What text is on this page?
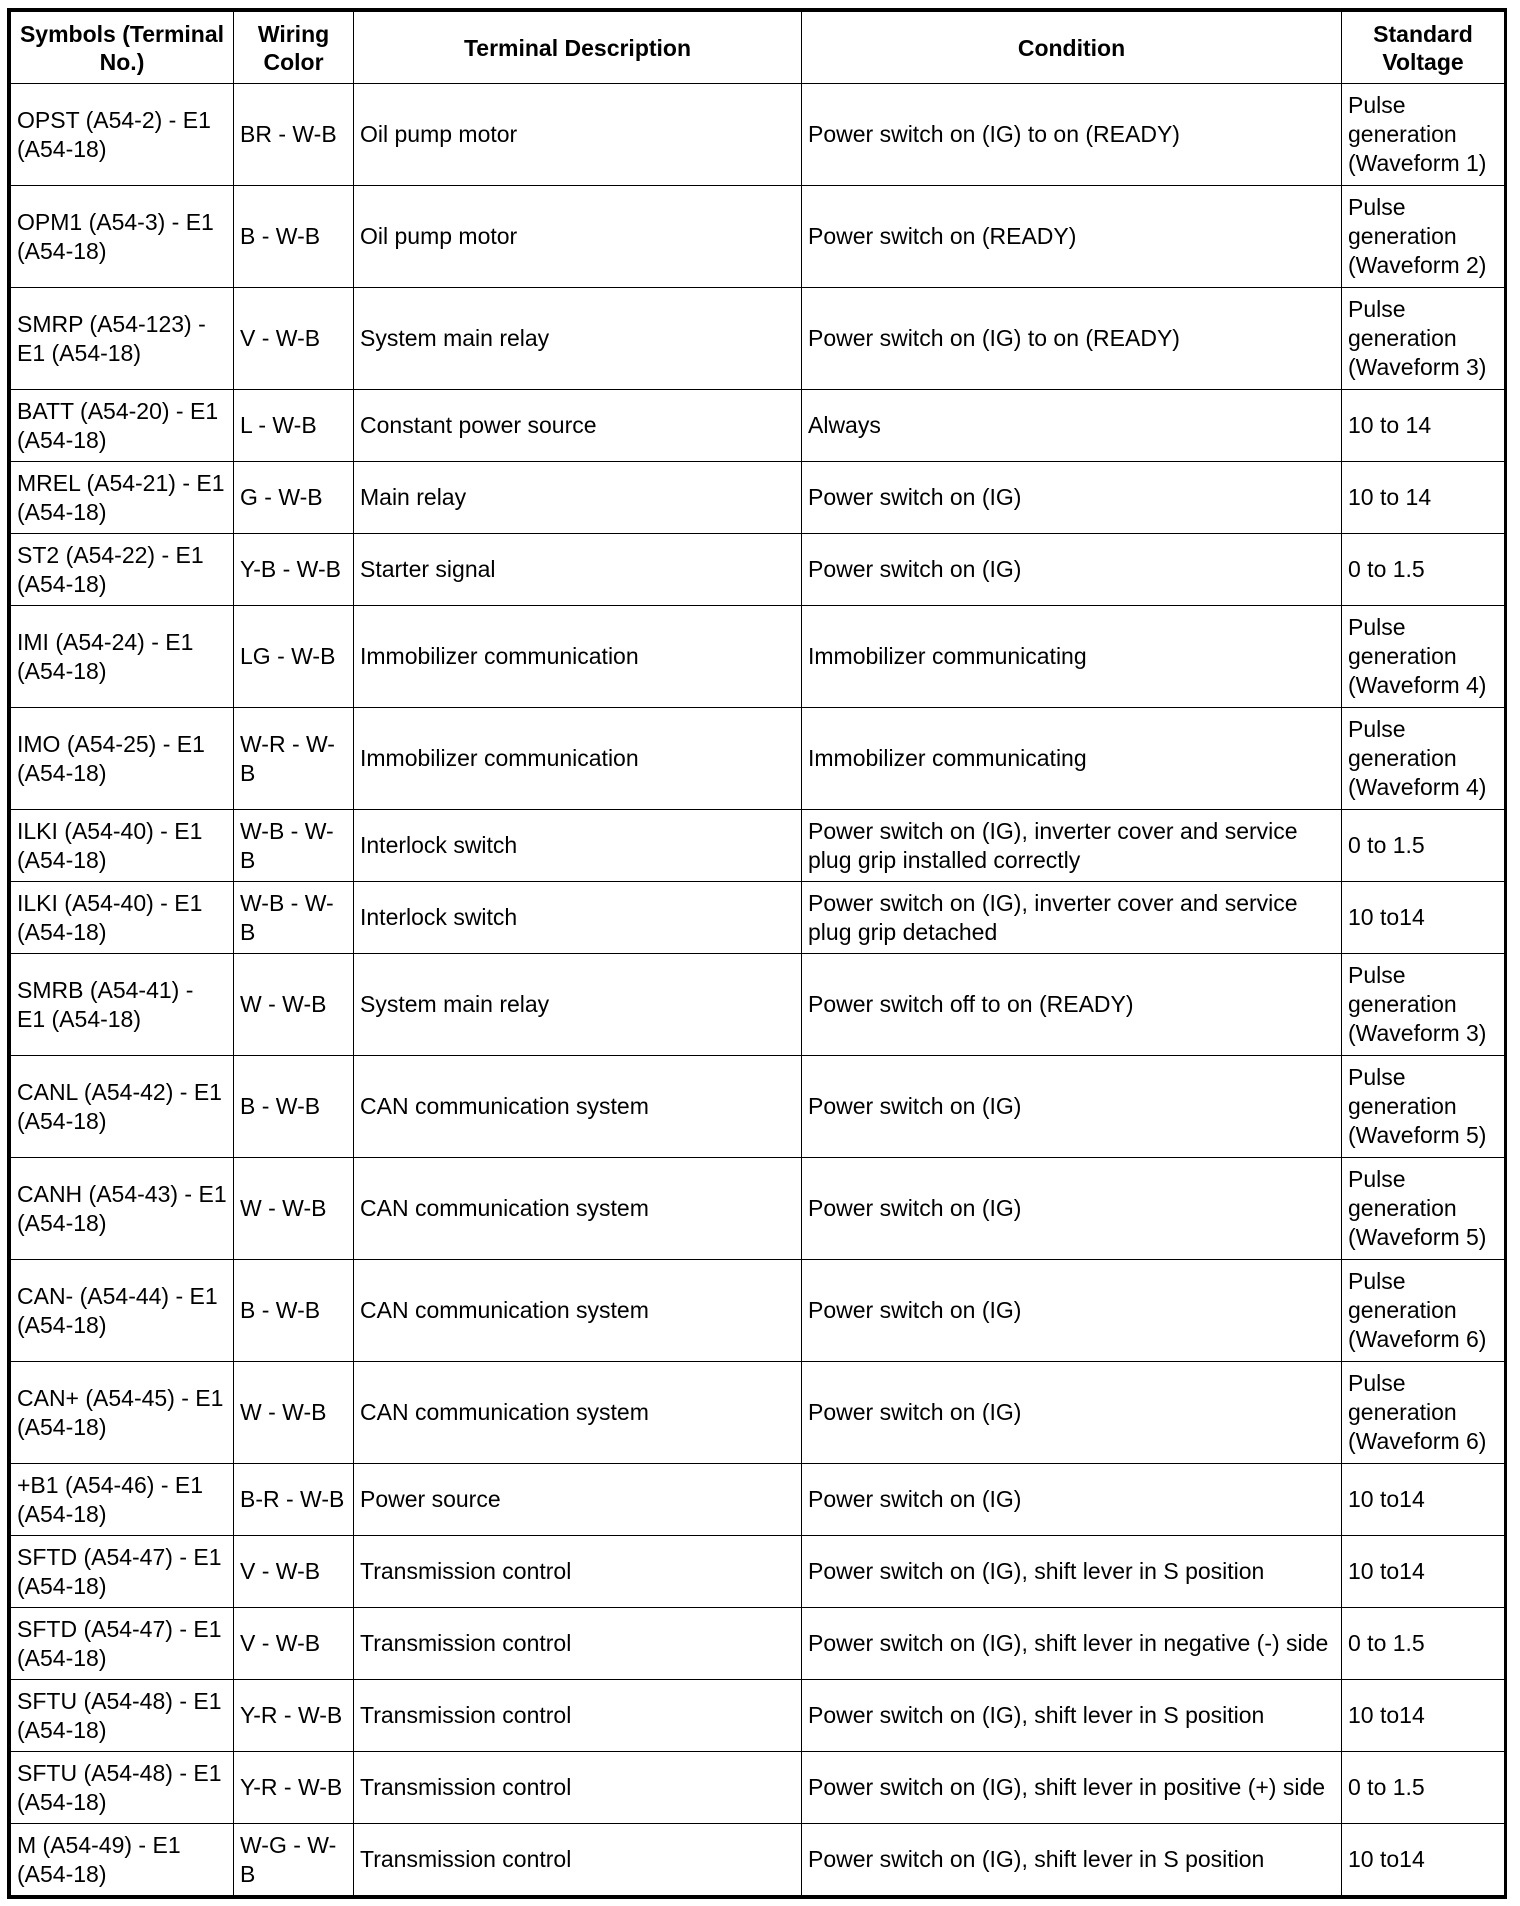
Symbols (Terminal No.)	Wiring Color	Terminal Description	Condition	Standard Voltage
OPST (A54-2) - E1 (A54-18)	BR - W-B	Oil pump motor	Power switch on (IG) to on (READY)	Pulse generation (Waveform 1)
OPM1 (A54-3) - E1 (A54-18)	B - W-B	Oil pump motor	Power switch on (READY)	Pulse generation (Waveform 2)
SMRP (A54-123) - E1 (A54-18)	V - W-B	System main relay	Power switch on (IG) to on (READY)	Pulse generation (Waveform 3)
BATT (A54-20) - E1 (A54-18)	L - W-B	Constant power source	Always	10 to 14
MREL (A54-21) - E1 (A54-18)	G - W-B	Main relay	Power switch on (IG)	10 to 14
ST2 (A54-22) - E1 (A54-18)	Y-B - W-B	Starter signal	Power switch on (IG)	0 to 1.5
IMI (A54-24) - E1 (A54-18)	LG - W-B	Immobilizer communication	Immobilizer communicating	Pulse generation (Waveform 4)
IMO (A54-25) - E1 (A54-18)	W-R - W-B	Immobilizer communication	Immobilizer communicating	Pulse generation (Waveform 4)
ILKI (A54-40) - E1 (A54-18)	W-B - W-B	Interlock switch	Power switch on (IG), inverter cover and service plug grip installed correctly	0 to 1.5
ILKI (A54-40) - E1 (A54-18)	W-B - W-B	Interlock switch	Power switch on (IG), inverter cover and service plug grip detached	10 to14
SMRB (A54-41) - E1 (A54-18)	W - W-B	System main relay	Power switch off to on (READY)	Pulse generation (Waveform 3)
CANL (A54-42) - E1 (A54-18)	B - W-B	CAN communication system	Power switch on (IG)	Pulse generation (Waveform 5)
CANH (A54-43) - E1 (A54-18)	W - W-B	CAN communication system	Power switch on (IG)	Pulse generation (Waveform 5)
CAN- (A54-44) - E1 (A54-18)	B - W-B	CAN communication system	Power switch on (IG)	Pulse generation (Waveform 6)
CAN+ (A54-45) - E1 (A54-18)	W - W-B	CAN communication system	Power switch on (IG)	Pulse generation (Waveform 6)
+B1 (A54-46) - E1 (A54-18)	B-R - W-B	Power source	Power switch on (IG)	10 to14
SFTD (A54-47) - E1 (A54-18)	V - W-B	Transmission control	Power switch on (IG), shift lever in S position	10 to14
SFTD (A54-47) - E1 (A54-18)	V - W-B	Transmission control	Power switch on (IG), shift lever in negative (-) side	0 to 1.5
SFTU (A54-48) - E1 (A54-18)	Y-R - W-B	Transmission control	Power switch on (IG), shift lever in S position	10 to14
SFTU (A54-48) - E1 (A54-18)	Y-R - W-B	Transmission control	Power switch on (IG), shift lever in positive (+) side	0 to 1.5
M (A54-49) - E1 (A54-18)	W-G - W-B	Transmission control	Power switch on (IG), shift lever in S position	10 to14
